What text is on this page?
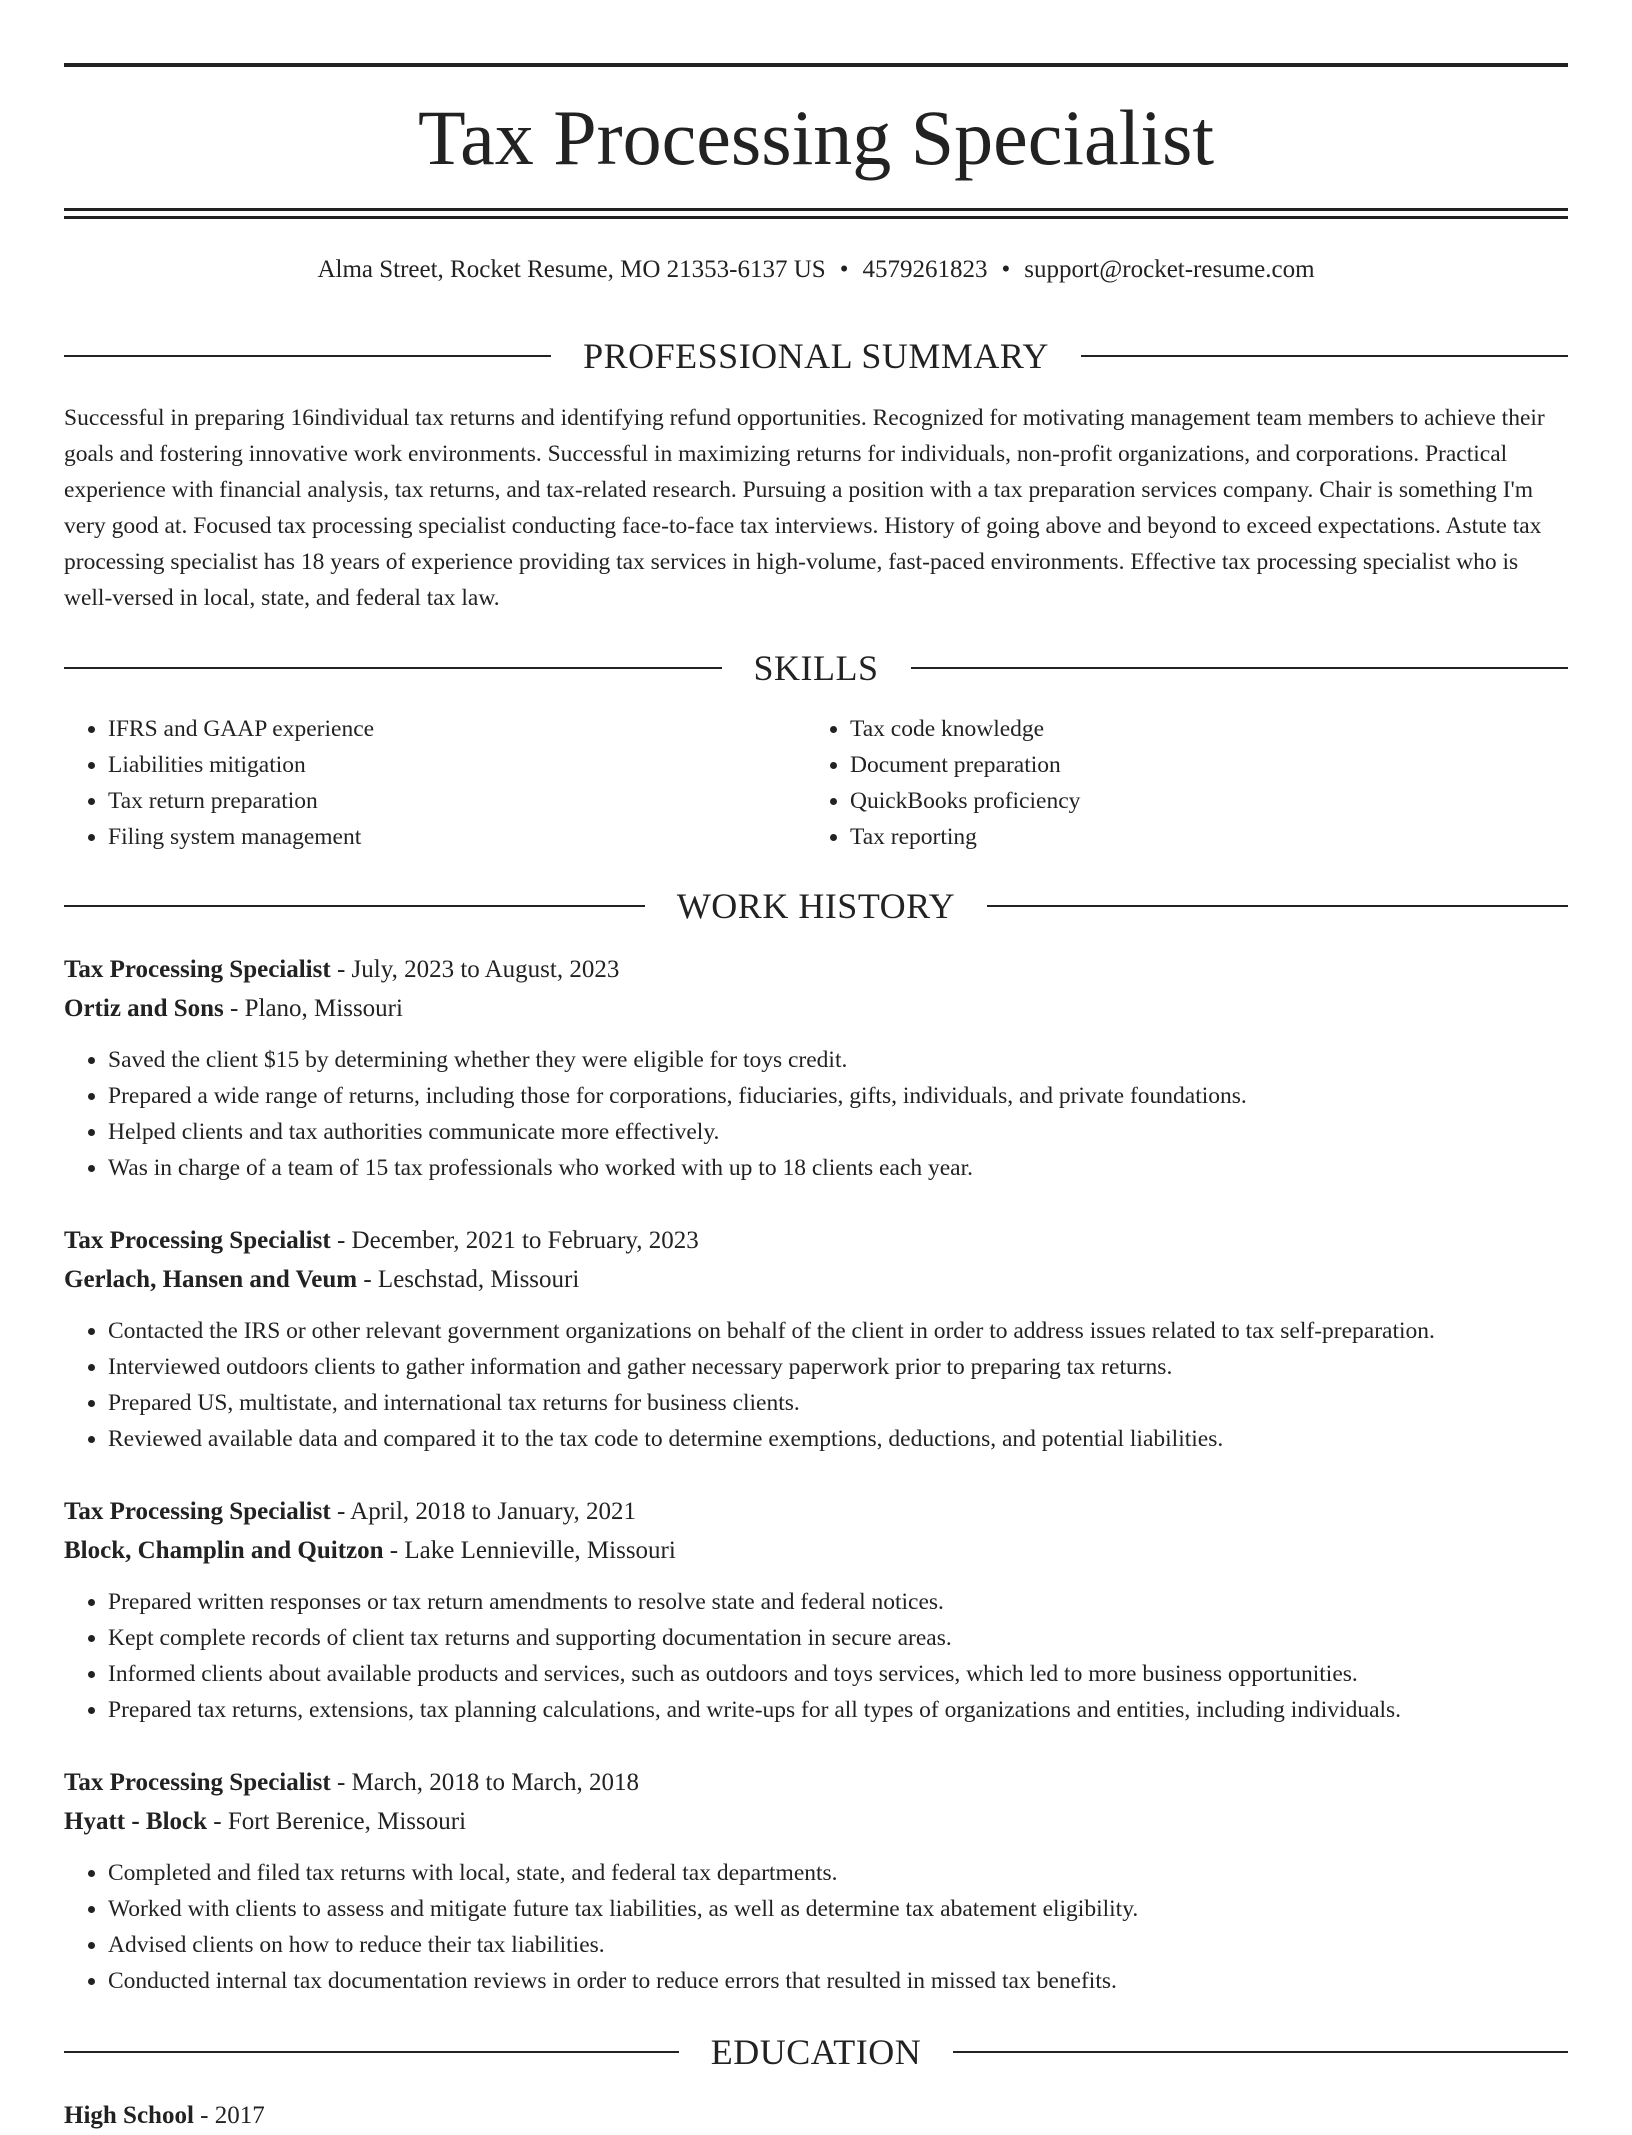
Tax Processing Specialist
Alma Street, Rocket Resume, MO 21353-6137 US • 4579261823 • support@rocket-resume.com
PROFESSIONAL SUMMARY
Successful in preparing 16individual tax returns and identifying refund opportunities. Recognized for motivating management team members to achieve their goals and fostering innovative work environments. Successful in maximizing returns for individuals, non-profit organizations, and corporations. Practical experience with financial analysis, tax returns, and tax-related research. Pursuing a position with a tax preparation services company. Chair is something I'm very good at. Focused tax processing specialist conducting face-to-face tax interviews. History of going above and beyond to exceed expectations. Astute tax processing specialist has 18 years of experience providing tax services in high-volume, fast-paced environments. Effective tax processing specialist who is well-versed in local, state, and federal tax law.
SKILLS
• IFRS and GAAP experience
• Liabilities mitigation
• Tax return preparation
• Filing system management
• Tax code knowledge
• Document preparation
• QuickBooks proficiency
• Tax reporting
WORK HISTORY
Tax Processing Specialist - July, 2023 to August, 2023
Ortiz and Sons - Plano, Missouri
• Saved the client $15 by determining whether they were eligible for toys credit.
• Prepared a wide range of returns, including those for corporations, fiduciaries, gifts, individuals, and private foundations.
• Helped clients and tax authorities communicate more effectively.
• Was in charge of a team of 15 tax professionals who worked with up to 18 clients each year.
Tax Processing Specialist - December, 2021 to February, 2023
Gerlach, Hansen and Veum - Leschstad, Missouri
• Contacted the IRS or other relevant government organizations on behalf of the client in order to address issues related to tax self-preparation.
• Interviewed outdoors clients to gather information and gather necessary paperwork prior to preparing tax returns.
• Prepared US, multistate, and international tax returns for business clients.
• Reviewed available data and compared it to the tax code to determine exemptions, deductions, and potential liabilities.
Tax Processing Specialist - April, 2018 to January, 2021
Block, Champlin and Quitzon - Lake Lennieville, Missouri
• Prepared written responses or tax return amendments to resolve state and federal notices.
• Kept complete records of client tax returns and supporting documentation in secure areas.
• Informed clients about available products and services, such as outdoors and toys services, which led to more business opportunities.
• Prepared tax returns, extensions, tax planning calculations, and write-ups for all types of organizations and entities, including individuals.
Tax Processing Specialist - March, 2018 to March, 2018
Hyatt - Block - Fort Berenice, Missouri
• Completed and filed tax returns with local, state, and federal tax departments.
• Worked with clients to assess and mitigate future tax liabilities, as well as determine tax abatement eligibility.
• Advised clients on how to reduce their tax liabilities.
• Conducted internal tax documentation reviews in order to reduce errors that resulted in missed tax benefits.
EDUCATION
High School - 2017
